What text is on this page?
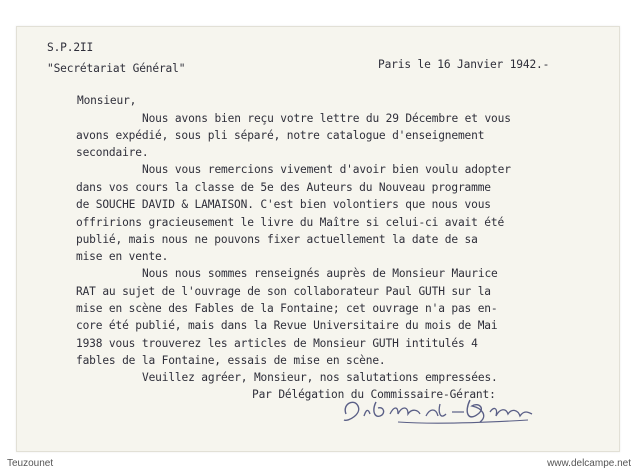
S.P.2II
"Secrétariat Général"	Paris le 16 Janvier 1942.-
Monsieur,
Nous avons bien reçu votre lettre du 29 Décembre et vous
avons expédié, sous pli séparé, notre catalogue d'enseignement
secondaire.
Nous vous remercions vivement d'avoir bien voulu adopter
dans vos cours la classe de 5e des Auteurs du Nouveau programme
de SOUCHE DAVID & LAMAISON. C'est bien volontiers que nous vous
offririons gracieusement le livre du Maître si celui-ci avait été
publié, mais nous ne pouvons fixer actuellement la date de sa
mise en vente.
Nous nous sommes renseignés auprès de Monsieur Maurice
RAT au sujet de l'ouvrage de son collaborateur Paul GUTH sur la
mise en scène des Fables de la Fontaine; cet ouvrage n'a pas en-
core été publié, mais dans la Revue Universitaire du mois de Mai
1938 vous trouverez les articles de Monsieur GUTH intitulés 4
fables de la Fontaine, essais de mise en scène.
Veuillez agréer, Monsieur, nos salutations empressées.
Par Délégation du Commissaire-Gérant:
Teuzounet	www.delcampe.net
